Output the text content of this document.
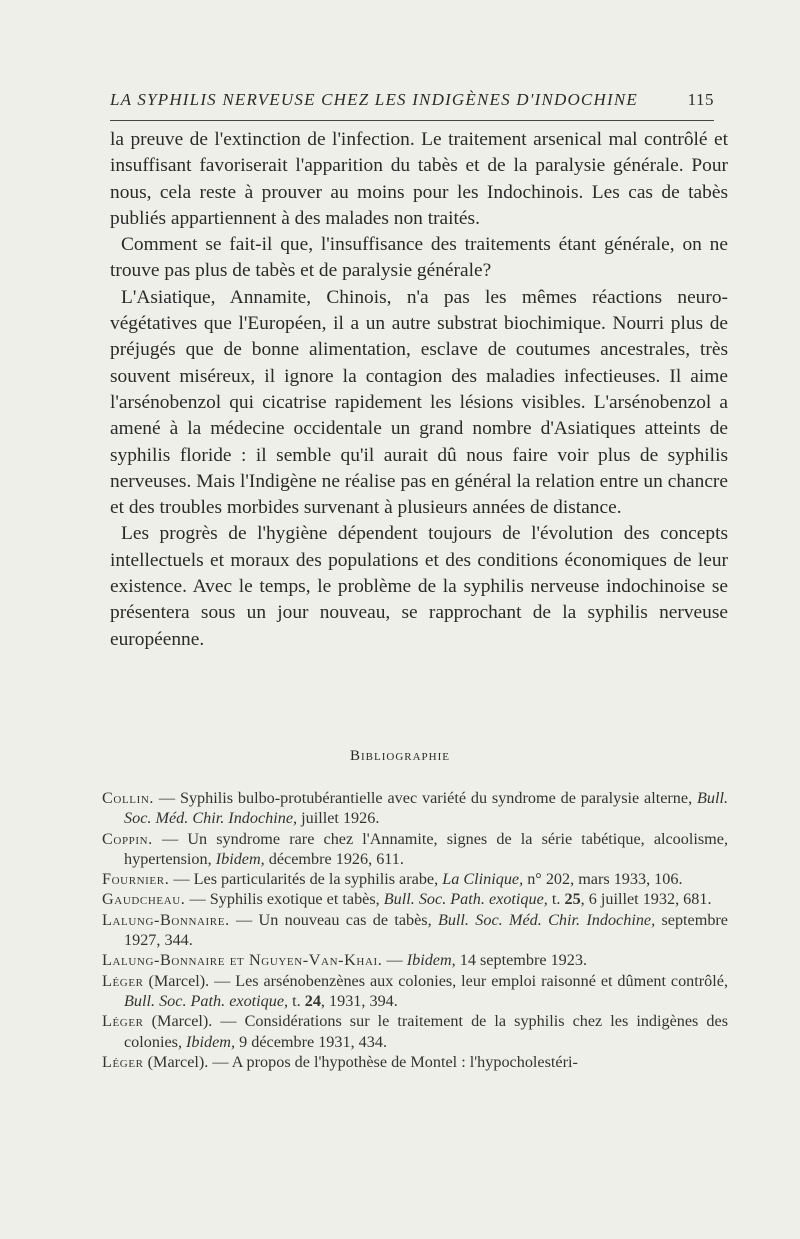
LA SYPHILIS NERVEUSE CHEZ LES INDIGÈNES D'INDOCHINE	115

la preuve de l'extinction de l'infection. Le traitement arsenical mal contrôlé et insuffisant favoriserait l'apparition du tabès et de la paralysie générale. Pour nous, cela reste à prouver au moins pour les Indochinois. Les cas de tabès publiés appartiennent à des malades non traités.

Comment se fait-il que, l'insuffisance des traitements étant générale, on ne trouve pas plus de tabès et de paralysie générale?

L'Asiatique, Annamite, Chinois, n'a pas les mêmes réactions neuro-végétatives que l'Européen, il a un autre substrat biochimique. Nourri plus de préjugés que de bonne alimentation, esclave de coutumes ancestrales, très souvent miséreux, il ignore la contagion des maladies infectieuses. Il aime l'arsénobenzol qui cicatrise rapidement les lésions visibles. L'arsénobenzol a amené à la médecine occidentale un grand nombre d'Asiatiques atteints de syphilis floride : il semble qu'il aurait dû nous faire voir plus de syphilis nerveuses. Mais l'Indigène ne réalise pas en général la relation entre un chancre et des troubles morbides survenant à plusieurs années de distance.

Les progrès de l'hygiène dépendent toujours de l'évolution des concepts intellectuels et moraux des populations et des conditions économiques de leur existence. Avec le temps, le problème de la syphilis nerveuse indochinoise se présentera sous un jour nouveau, se rapprochant de la syphilis nerveuse européenne.

Bibliographie

Collin. — Syphilis bulbo-protubérantielle avec variété du syndrome de paralysie alterne, Bull. Soc. Méd. Chir. Indochine, juillet 1926.

Coppin. — Un syndrome rare chez l'Annamite, signes de la série tabétique, alcoolisme, hypertension, Ibidem, décembre 1926, 611.

Fournier. — Les particularités de la syphilis arabe, La Clinique, n° 202, mars 1933, 106.

Gaudcheau. — Syphilis exotique et tabès, Bull. Soc. Path. exotique, t. 25, 6 juillet 1932, 681.

Lalung-Bonnaire. — Un nouveau cas de tabès, Bull. Soc. Méd. Chir. Indochine, septembre 1927, 344.

Lalung-Bonnaire et Nguyen-Van-Khai. — Ibidem, 14 septembre 1923.

Léger (Marcel). — Les arsénobenzènes aux colonies, leur emploi raisonné et dûment contrôlé, Bull. Soc. Path. exotique, t. 24, 1931, 394.

Léger (Marcel). — Considérations sur le traitement de la syphilis chez les indigènes des colonies, Ibidem, 9 décembre 1931, 434.

Léger (Marcel). — A propos de l'hypothèse de Montel : l'hypocholestéri-
